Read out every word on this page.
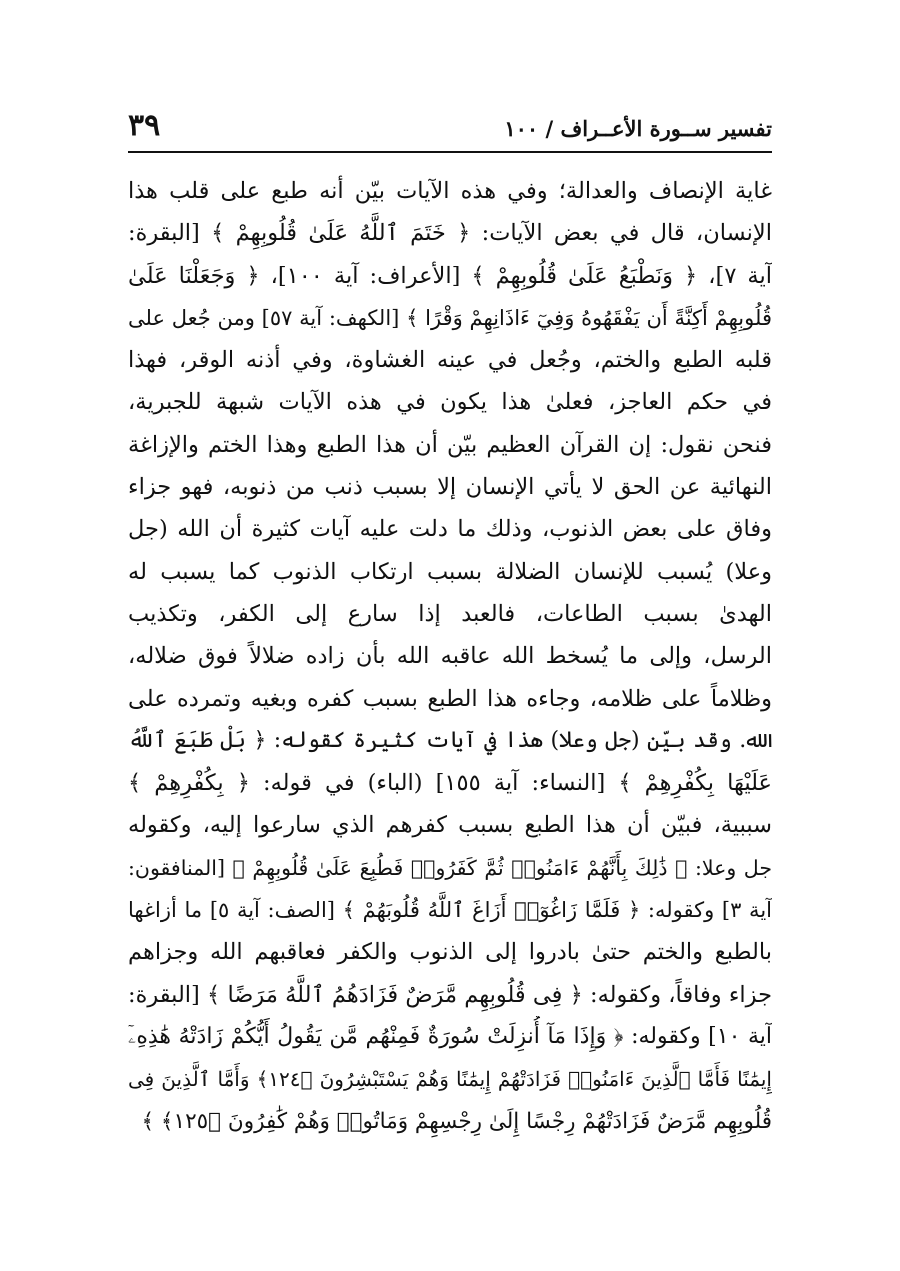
تفسير ســورة الأعــراف / ١٠٠
٣٩
غاية الإنصاف والعدالة؛ وفي هذه الآيات بيّن أنه طبع على قلب هذا
الإنسان، قال في بعض الآيات: ﴿ خَتَمَ ٱللَّهُ عَلَىٰ قُلُوبِهِمْ ﴾ [البقرة:
آية ٧]، ﴿ وَنَطْبَعُ عَلَىٰ قُلُوبِهِمْ ﴾ [الأعراف: آية ١٠٠]، ﴿ وَجَعَلْنَا عَلَىٰ
قُلُوبِهِمْ أَكِنَّةً أَن يَفْقَهُوهُ وَفِيٓ ءَاذَانِهِمْ وَقْرًا ﴾ [الكهف: آية ٥٧] ومن جُعل على
قلبه الطبع والختم، وجُعل في عينه الغشاوة، وفي أذنه الوقر، فهذا
في حكم العاجز، فعلىٰ هذا يكون في هذه الآيات شبهة للجبرية،
فنحن نقول: إن القرآن العظيم بيّن أن هذا الطبع وهذا الختم والإزاغة
النهائية عن الحق لا يأتي الإنسان إلا بسبب ذنب من ذنوبه، فهو جزاء
وفاق على بعض الذنوب، وذلك ما دلت عليه آيات كثيرة أن الله (جل
وعلا) يُسبب للإنسان الضلالة بسبب ارتكاب الذنوب كما يسبب له
الهدىٰ بسبب الطاعات، فالعبد إذا سارع إلى الكفر، وتكذيب
الرسل، وإلى ما يُسخط الله عاقبه الله بأن زاده ضلالاً فوق ضلاله،
وظلاماً على ظلامه، وجاءه هذا الطبع بسبب كفره وبغيه وتمرده على
الله. وقد بيّن (جل وعلا) هذا في آيات كثيرة كقوله: ﴿ بَلْ طَبَعَ ٱللَّهُ
عَلَيْهَا بِكُفْرِهِمْ ﴾ [النساء: آية ١٥٥] (الباء) في قوله: ﴿ بِكُفْرِهِمْ ﴾
سببية، فبيّن أن هذا الطبع بسبب كفرهم الذي سارعوا إليه، وكقوله
جل وعلا: ﴿ ذَٰلِكَ بِأَنَّهُمْ ءَامَنُوا۟ ثُمَّ كَفَرُوا۟ فَطُبِعَ عَلَىٰ قُلُوبِهِمْ ﴾ [المنافقون:
آية ٣] وكقوله: ﴿ فَلَمَّا زَاغُوٓا۟ أَزَاغَ ٱللَّهُ قُلُوبَهُمْ ﴾ [الصف: آية ٥] ما أزاغها
بالطبع والختم حتىٰ بادروا إلى الذنوب والكفر فعاقبهم الله وجزاهم
جزاء وفاقاً، وكقوله: ﴿ فِى قُلُوبِهِم مَّرَضٌ فَزَادَهُمُ ٱللَّهُ مَرَضًا ﴾ [البقرة:
آية ١٠] وكقوله: ﴿ وَإِذَا مَآ أُنزِلَتْ سُورَةٌ فَمِنْهُم مَّن يَقُولُ أَيُّكُمْ زَادَتْهُ هَٰذِهِۦٓ
إِيمَٰنًا فَأَمَّا ٱلَّذِينَ ءَامَنُوا۟ فَزَادَتْهُمْ إِيمَٰنًا وَهُمْ يَسْتَبْشِرُونَ ﴿١٢٤﴾ وَأَمَّا ٱلَّذِينَ فِى
قُلُوبِهِم مَّرَضٌ فَزَادَتْهُمْ رِجْسًا إِلَىٰ رِجْسِهِمْ وَمَاتُوا۟ وَهُمْ كَٰفِرُونَ ﴿١٢٥﴾ ﴾
